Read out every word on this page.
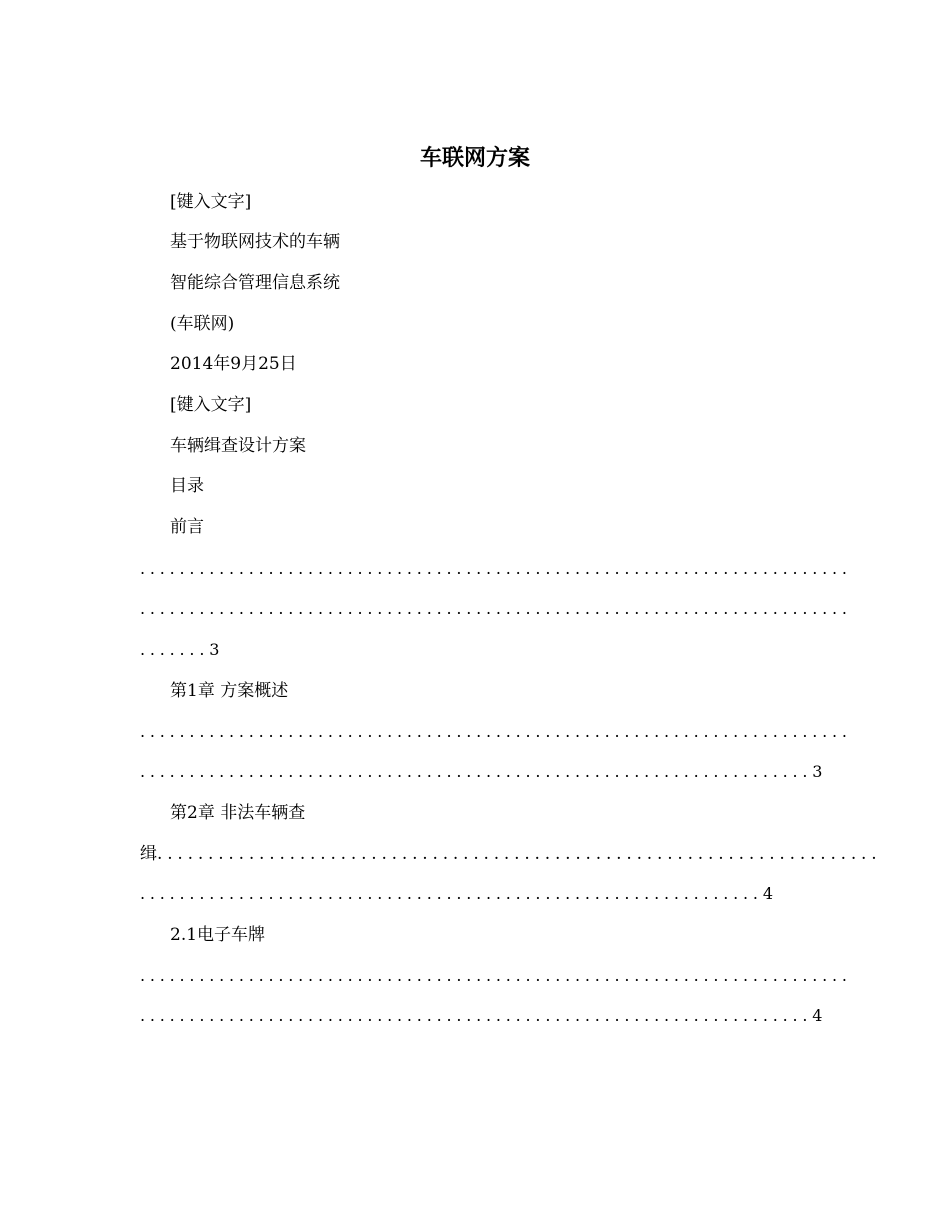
车联网方案
[键入文字]
基于物联网技术的车辆
智能综合管理信息系统
(车联网)
2014年9月25日
[键入文字]
车辆缉查设计方案
目录
前言
........................................................................
........................................................................
.......3
第1章 方案概述
........................................................................
....................................................................3
第2章 非法车辆查
缉.......................................................................
...............................................................4
2.1电子车牌
........................................................................
....................................................................4
